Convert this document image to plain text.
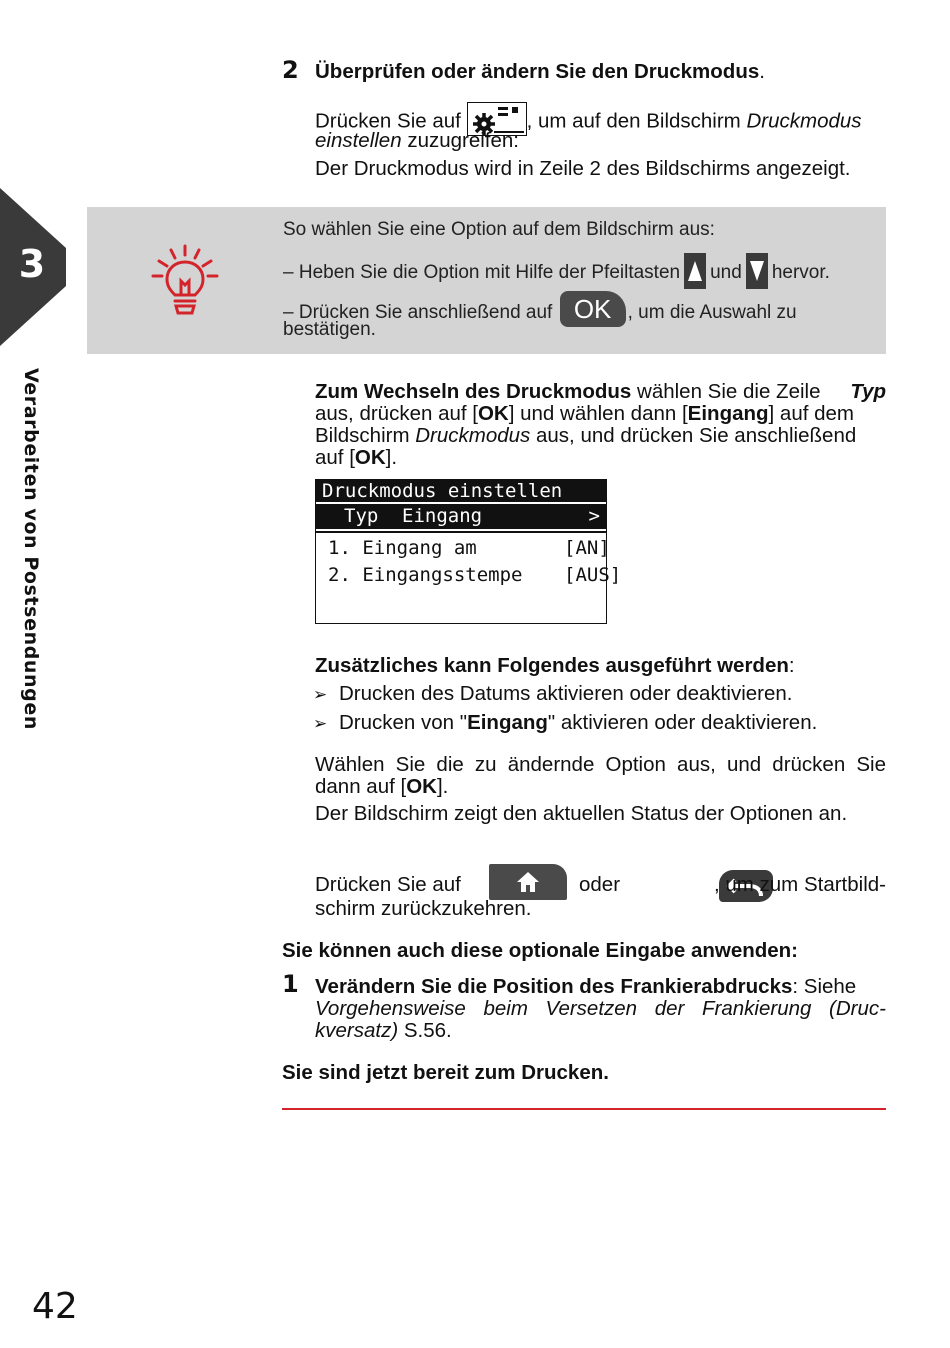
3
Verarbeiten von Postsendungen
2 Überprüfen oder ändern Sie den Druckmodus.

Drücken Sie auf	, um auf den Bildschirm Druckmodus

einstellen zuzugreifen:

Der Druckmodus wird in Zeile 2 des Bildschirms angezeigt.

So wählen Sie eine Option auf dem Bildschirm aus:

– Heben Sie die Option mit Hilfe der Pfeiltasten und hervor.

– Drücken Sie anschließend auf OK , um die Auswahl zu

bestätigen.

Zum Wechseln des Druckmodus wählen Sie die Zeile Typ

aus, drücken auf [OK] und wählen dann [Eingang] auf dem

Bildschirm Druckmodus aus, und drücken Sie anschließend

auf [OK].

Druckmodus einstellen
Typ Eingang	>
1. Eingang am	[AN]
2. Eingangsstempe [AUS]

Zusätzliches kann Folgendes ausgeführt werden:

➢ Drucken des Datums aktivieren oder deaktivieren.

➢ Drucken von "Eingang" aktivieren oder deaktivieren.

Wählen Sie die zu ändernde Option aus, und drücken Sie

dann auf [OK].

Der Bildschirm zeigt den aktuellen Status der Optionen an.

Drücken Sie auf
	oder	, um zum Startbild-

schirm zurückzukehren.

Sie können auch diese optionale Eingabe anwenden:

1 Verändern Sie die Position des Frankierabdrucks: Siehe

Vorgehensweise beim Versetzen der Frankierung (Druc-

kversatz) S.56.

Sie sind jetzt bereit zum Drucken.

42
